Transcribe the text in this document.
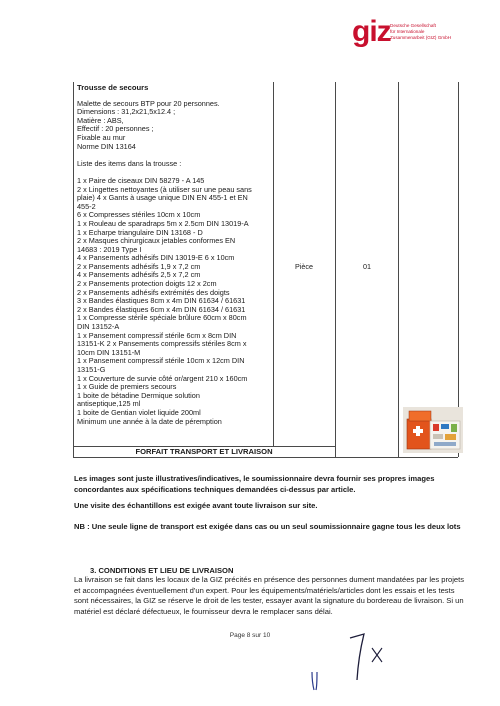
giz Deutsche Gesellschaft
für Internationale
Zusammenarbeit (GIZ) GmbH
Trousse de secours
Malette de secours BTP pour 20 personnes.
Dimensions : 31,2x21,5x12.4 ;
Matière : ABS,
Effectif : 20 personnes ;
Fixable au mur
Norme DIN 13164
Liste des items dans la trousse :
1 x Paire de ciseaux DIN 58279 - A 145
2 x Lingettes nettoyantes (à utiliser sur une peau sans
plaie) 4 x Gants à usage unique DIN EN 455-1 et EN
455-2
6 x Compresses stériles 10cm x 10cm
1 x Rouleau de sparadraps 5m x 2.5cm DIN 13019-A
1 x Echarpe triangulaire DIN 13168 - D
2 x Masques chirurgicaux jetables conformes EN
14683 : 2019 Type I
4 x Pansements adhésifs DIN 13019-E 6 x 10cm
2 x Pansements adhésifs 1,9 x 7,2 cm
4 x Pansements adhésifs 2,5 x 7,2 cm
2 x Pansements protection doigts 12 x 2cm
2 x Pansements adhésifs extrémités des doigts
3 x Bandes élastiques 8cm x 4m DIN 61634 / 61631
2 x Bandes élastiques 6cm x 4m DIN 61634 / 61631
1 x Compresse stérile spéciale brûlure 60cm x 80cm
DIN 13152-A
1 x Pansement compressif stérile 6cm x 8cm DIN
13151-K 2 x Pansements compressifs stériles 8cm x
10cm DIN 13151-M
1 x Pansement compressif stérile 10cm x 12cm DIN
13151-G
1 x Couverture de survie côté or/argent 210 x 160cm
1 x Guide de premiers secours
1 boite de bétadine Dermique solution
antiseptique,125 ml
1 boite de Gentian violet liquide 200ml
Minimum une année à la date de péremption
Pièce	01
FORFAIT TRANSPORT ET LIVRAISON
Les images sont juste illustratives/indicatives, le soumissionnaire devra fournir ses propres images concordantes aux spécifications techniques demandées ci-dessus par article.
Une visite des échantillons est exigée avant toute livraison sur site.
NB : Une seule ligne de transport est exigée dans cas ou un seul soumissionnaire gagne tous les deux lots
3. CONDITIONS ET LIEU DE LIVRAISON
La livraison se fait dans les locaux de la GIZ précités en présence des personnes dument mandatées par les projets et accompagnées éventuellement d'un expert. Pour les équipements/matériels/articles dont les essais et les tests sont nécessaires, la GIZ se réserve le droit de les tester, essayer avant la signature du bordereau de livraison. Si un matériel est déclaré défectueux, le fournisseur devra le remplacer sans délai.
Page 8 sur 10
